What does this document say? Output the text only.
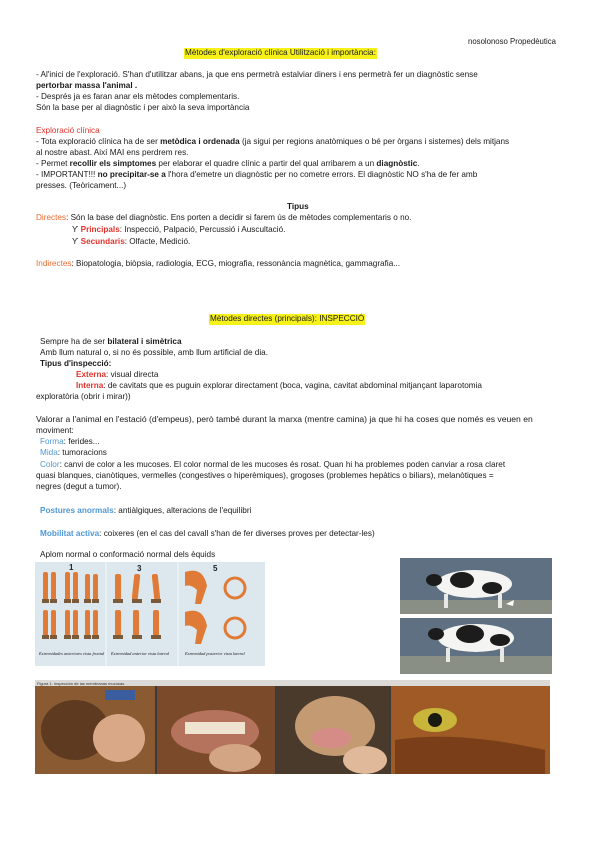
nosolonoso Propedèutica
Mètodes d'exploració clínica Utilització i importància:
- Al'inici de l'exploració. S'han d'utilitzar abans, ja que ens permetrà estalviar diners i ens permetrà fer un diagnòstic sense
pertorbar massa l'animal .
- Després ja es faran anar els mètodes complementaris.
Són la base per al diagnòstic i per això la seva importància
Exploració clínica
- Tota exploració clínica ha de ser metòdica i ordenada (ja sigui per regions anatòmiques o bé per òrgans i sistemes) dels mitjans
al nostre abast. Així MAI ens perdrem res.
- Permet recollir els simptomes per elaborar el quadre clínic a partir del qual arribarem a un diagnòstic.
- IMPORTANT!!! no precipitar-se a l'hora d'emetre un diagnòstic per no cometre errors. El diagnòstic NO s'ha de fer amb
presses. (Teòricament...)
Tipus
Directes: Són la base del diagnòstic. Ens porten a decidir si farem ús de mètodes complementaris o no.
ϒ Principals: Inspecció, Palpació, Percussió i Auscultació.
ϒ Secundaris: Olfacte, Medició.
Indirectes: Biopatologia, biòpsia, radiologia, ECG, miografia, ressonància magnètica, gammagrafia...
Mètodes directes (principals): INSPECCIÓ
Sempre ha de ser bilateral i simètrica
Amb llum natural o, si no és possible, amb llum artificial de dia.
Tipus d'inspecció:
Externa: visual directa
Interna: de cavitats que es puguin explorar directament (boca, vagina, cavitat abdominal mitjançant laparotomia
exploratòria (obrir i mirar))
Valorar a l'animal en l'estació (d'empeus), però també durant la marxa (mentre camina) ja que hi ha coses que només es veuen en
moviment:
Forma: ferides...
Mida: tumoracions
Color: canvi de color a les mucoses. El color normal de les mucoses és rosat. Quan hi ha problemes poden canviar a rosa claret
quasi blanques, cianòtiques, vermelles (congestives o hiperèmiques), grogoses (problemes hepàtics o biliars), melanòtiques =
negres (degut a tumor).
Postures anormals: antiàlgiques, alteracions de l'equilibri
Mobilitat activa: coixeres (en el cas del cavall s'han de fer diverses proves per detectar-les)
Aplom normal o conformació normal dels èquids
1	3	5
Extremidades anteriores vista frontal Extremidad anterior vista lateral	Extremidad posterior vista lateral
Figura 1. Inspección de las membranas mucosas.
